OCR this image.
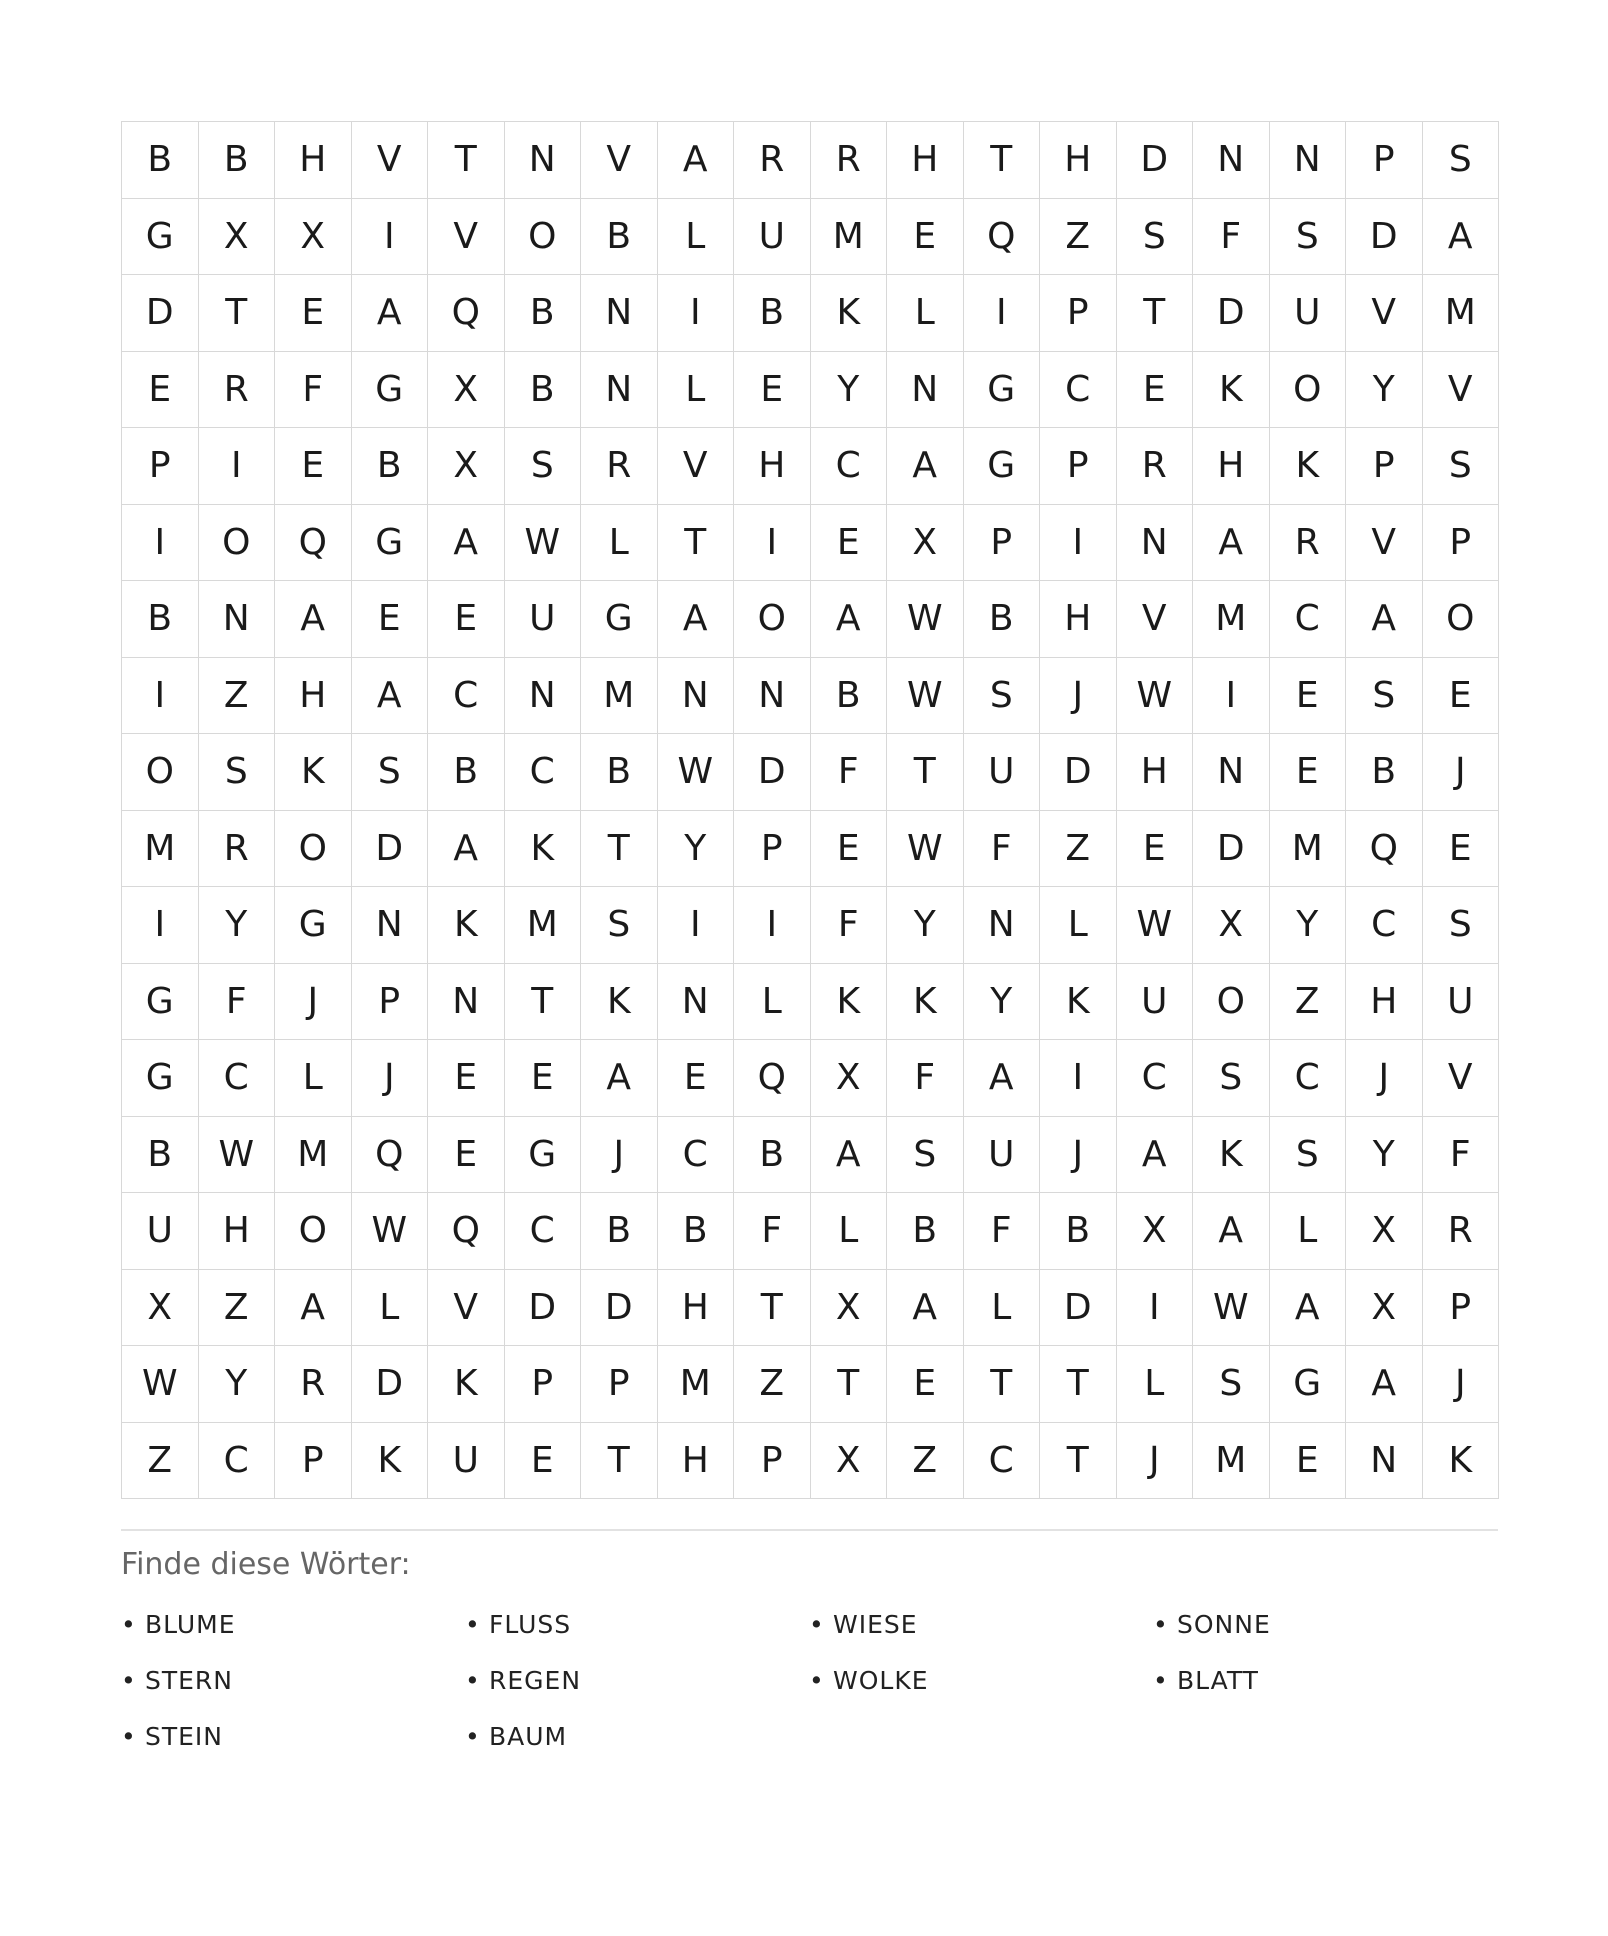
B	B	H	V	T	N	V	A	R	R	H	T	H	D	N	N	P	S
G	X	X	I	V	O	B	L	U	M	E	Q	Z	S	F	S	D	A
D	T	E	A	Q	B	N	I	B	K	L	I	P	T	D	U	V	M
E	R	F	G	X	B	N	L	E	Y	N	G	C	E	K	O	Y	V
P	I	E	B	X	S	R	V	H	C	A	G	P	R	H	K	P	S
I	O	Q	G	A	W	L	T	I	E	X	P	I	N	A	R	V	P
B	N	A	E	E	U	G	A	O	A	W	B	H	V	M	C	A	O
I	Z	H	A	C	N	M	N	N	B	W	S	J	W	I	E	S	E
O	S	K	S	B	C	B	W	D	F	T	U	D	H	N	E	B	J
M	R	O	D	A	K	T	Y	P	E	W	F	Z	E	D	M	Q	E
I	Y	G	N	K	M	S	I	I	F	Y	N	L	W	X	Y	C	S
G	F	J	P	N	T	K	N	L	K	K	Y	K	U	O	Z	H	U
G	C	L	J	E	E	A	E	Q	X	F	A	I	C	S	C	J	V
B	W	M	Q	E	G	J	C	B	A	S	U	J	A	K	S	Y	F
U	H	O	W	Q	C	B	B	F	L	B	F	B	X	A	L	X	R
X	Z	A	L	V	D	D	H	T	X	A	L	D	I	W	A	X	P
W	Y	R	D	K	P	P	M	Z	T	E	T	T	L	S	G	A	J
Z	C	P	K	U	E	T	H	P	X	Z	C	T	J	M	E	N	K
Finde diese Wörter:
• BLUME	• FLUSS	• WIESE	• SONNE
• STERN	• REGEN	• WOLKE	• BLATT
• STEIN	• BAUM
